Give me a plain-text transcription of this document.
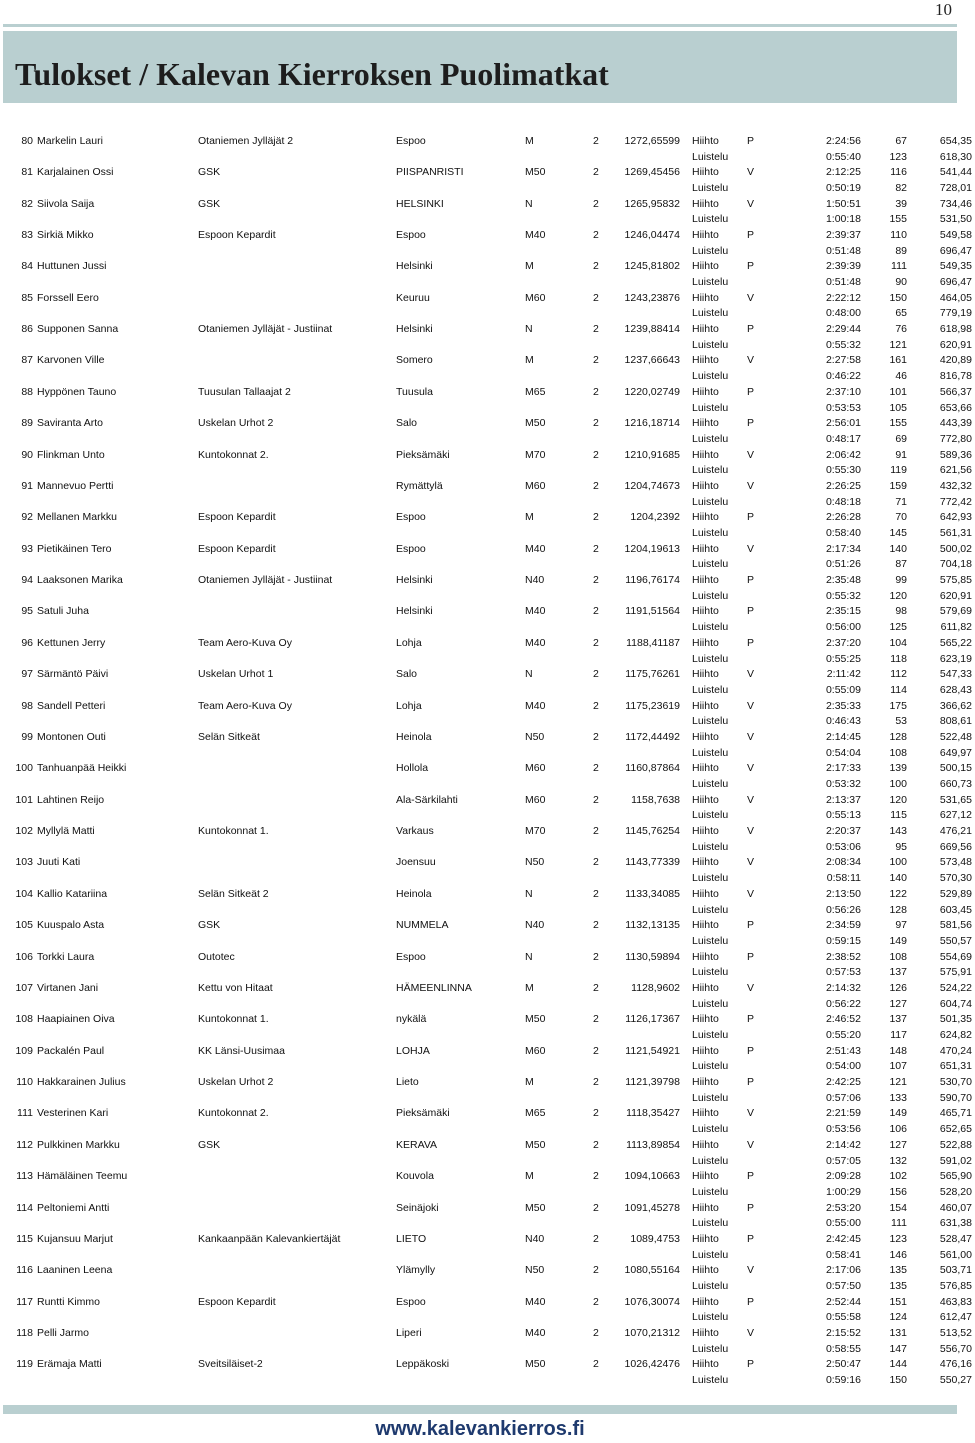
10
Tulokset / Kalevan Kierroksen Puolimatkat
80	Markelin Lauri	Otaniemen Jylläjät 2	Espoo	M	2	1272,65599	Hiihto	P	2:24:56	67	654,35
							Luistelu		0:55:40	123	618,30
81	Karjalainen Ossi	GSK	PIISPANRISTI	M50	2	1269,45456	Hiihto	V	2:12:25	116	541,44
							Luistelu		0:50:19	82	728,01
82	Siivola Saija	GSK	HELSINKI	N	2	1265,95832	Hiihto	V	1:50:51	39	734,46
							Luistelu		1:00:18	155	531,50
83	Sirkiä Mikko	Espoon Kepardit	Espoo	M40	2	1246,04474	Hiihto	P	2:39:37	110	549,58
							Luistelu		0:51:48	89	696,47
84	Huttunen Jussi		Helsinki	M	2	1245,81802	Hiihto	P	2:39:39	111	549,35
							Luistelu		0:51:48	90	696,47
85	Forssell Eero		Keuruu	M60	2	1243,23876	Hiihto	V	2:22:12	150	464,05
							Luistelu		0:48:00	65	779,19
86	Supponen Sanna	Otaniemen Jylläjät - Justiinat	Helsinki	N	2	1239,88414	Hiihto	P	2:29:44	76	618,98
							Luistelu		0:55:32	121	620,91
87	Karvonen Ville		Somero	M	2	1237,66643	Hiihto	V	2:27:58	161	420,89
							Luistelu		0:46:22	46	816,78
88	Hyppönen Tauno	Tuusulan Tallaajat 2	Tuusula	M65	2	1220,02749	Hiihto	P	2:37:10	101	566,37
							Luistelu		0:53:53	105	653,66
89	Saviranta Arto	Uskelan Urhot 2	Salo	M50	2	1216,18714	Hiihto	P	2:56:01	155	443,39
							Luistelu		0:48:17	69	772,80
90	Flinkman Unto	Kuntokonnat 2.	Pieksämäki	M70	2	1210,91685	Hiihto	V	2:06:42	91	589,36
							Luistelu		0:55:30	119	621,56
91	Mannevuo Pertti		Rymättylä	M60	2	1204,74673	Hiihto	V	2:26:25	159	432,32
							Luistelu		0:48:18	71	772,42
92	Mellanen Markku	Espoon Kepardit	Espoo	M	2	1204,2392	Hiihto	P	2:26:28	70	642,93
							Luistelu		0:58:40	145	561,31
93	Pietikäinen Tero	Espoon Kepardit	Espoo	M40	2	1204,19613	Hiihto	V	2:17:34	140	500,02
							Luistelu		0:51:26	87	704,18
94	Laaksonen Marika	Otaniemen Jylläjät - Justiinat	Helsinki	N40	2	1196,76174	Hiihto	P	2:35:48	99	575,85
							Luistelu		0:55:32	120	620,91
95	Satuli Juha		Helsinki	M40	2	1191,51564	Hiihto	P	2:35:15	98	579,69
							Luistelu		0:56:00	125	611,82
96	Kettunen Jerry	Team Aero-Kuva Oy	Lohja	M40	2	1188,41187	Hiihto	P	2:37:20	104	565,22
							Luistelu		0:55:25	118	623,19
97	Särmäntö Päivi	Uskelan Urhot 1	Salo	N	2	1175,76261	Hiihto	V	2:11:42	112	547,33
							Luistelu		0:55:09	114	628,43
98	Sandell Petteri	Team Aero-Kuva Oy	Lohja	M40	2	1175,23619	Hiihto	V	2:35:33	175	366,62
							Luistelu		0:46:43	53	808,61
99	Montonen Outi	Selän Sitkeät	Heinola	N50	2	1172,44492	Hiihto	V	2:14:45	128	522,48
							Luistelu		0:54:04	108	649,97
100	Tanhuanpää Heikki		Hollola	M60	2	1160,87864	Hiihto	V	2:17:33	139	500,15
							Luistelu		0:53:32	100	660,73
101	Lahtinen Reijo		Ala-Särkilahti	M60	2	1158,7638	Hiihto	V	2:13:37	120	531,65
							Luistelu		0:55:13	115	627,12
102	Myllylä Matti	Kuntokonnat 1.	Varkaus	M70	2	1145,76254	Hiihto	V	2:20:37	143	476,21
							Luistelu		0:53:06	95	669,56
103	Juuti Kati		Joensuu	N50	2	1143,77339	Hiihto	V	2:08:34	100	573,48
							Luistelu		0:58:11	140	570,30
104	Kallio Katariina	Selän Sitkeät 2	Heinola	N	2	1133,34085	Hiihto	V	2:13:50	122	529,89
							Luistelu		0:56:26	128	603,45
105	Kuuspalo Asta	GSK	NUMMELA	N40	2	1132,13135	Hiihto	P	2:34:59	97	581,56
							Luistelu		0:59:15	149	550,57
106	Torkki Laura	Outotec	Espoo	N	2	1130,59894	Hiihto	P	2:38:52	108	554,69
							Luistelu		0:57:53	137	575,91
107	Virtanen Jani	Kettu von Hitaat	HÄMEENLINNA	M	2	1128,9602	Hiihto	V	2:14:32	126	524,22
							Luistelu		0:56:22	127	604,74
108	Haapiainen Oiva	Kuntokonnat 1.	nykälä	M50	2	1126,17367	Hiihto	P	2:46:52	137	501,35
							Luistelu		0:55:20	117	624,82
109	Packalén Paul	KK Länsi-Uusimaa	LOHJA	M60	2	1121,54921	Hiihto	P	2:51:43	148	470,24
							Luistelu		0:54:00	107	651,31
110	Hakkarainen Julius	Uskelan Urhot 2	Lieto	M	2	1121,39798	Hiihto	P	2:42:25	121	530,70
							Luistelu		0:57:06	133	590,70
111	Vesterinen Kari	Kuntokonnat 2.	Pieksämäki	M65	2	1118,35427	Hiihto	V	2:21:59	149	465,71
							Luistelu		0:53:56	106	652,65
112	Pulkkinen Markku	GSK	KERAVA	M50	2	1113,89854	Hiihto	V	2:14:42	127	522,88
							Luistelu		0:57:05	132	591,02
113	Hämäläinen Teemu		Kouvola	M	2	1094,10663	Hiihto	P	2:09:28	102	565,90
							Luistelu		1:00:29	156	528,20
114	Peltoniemi Antti		Seinäjoki	M50	2	1091,45278	Hiihto	P	2:53:20	154	460,07
							Luistelu		0:55:00	111	631,38
115	Kujansuu Marjut	Kankaanpään Kalevankiertäjät	LIETO	N40	2	1089,4753	Hiihto	P	2:42:45	123	528,47
							Luistelu		0:58:41	146	561,00
116	Laaninen Leena		Ylämylly	N50	2	1080,55164	Hiihto	V	2:17:06	135	503,71
							Luistelu		0:57:50	135	576,85
117	Runtti Kimmo	Espoon Kepardit	Espoo	M40	2	1076,30074	Hiihto	P	2:52:44	151	463,83
							Luistelu		0:55:58	124	612,47
118	Pelli Jarmo		Liperi	M40	2	1070,21312	Hiihto	V	2:15:52	131	513,52
							Luistelu		0:58:55	147	556,70
119	Erämaja Matti	Sveitsiläiset-2	Leppäkoski	M50	2	1026,42476	Hiihto	P	2:50:47	144	476,16
							Luistelu		0:59:16	150	550,27
www.kalevankierros.fi
